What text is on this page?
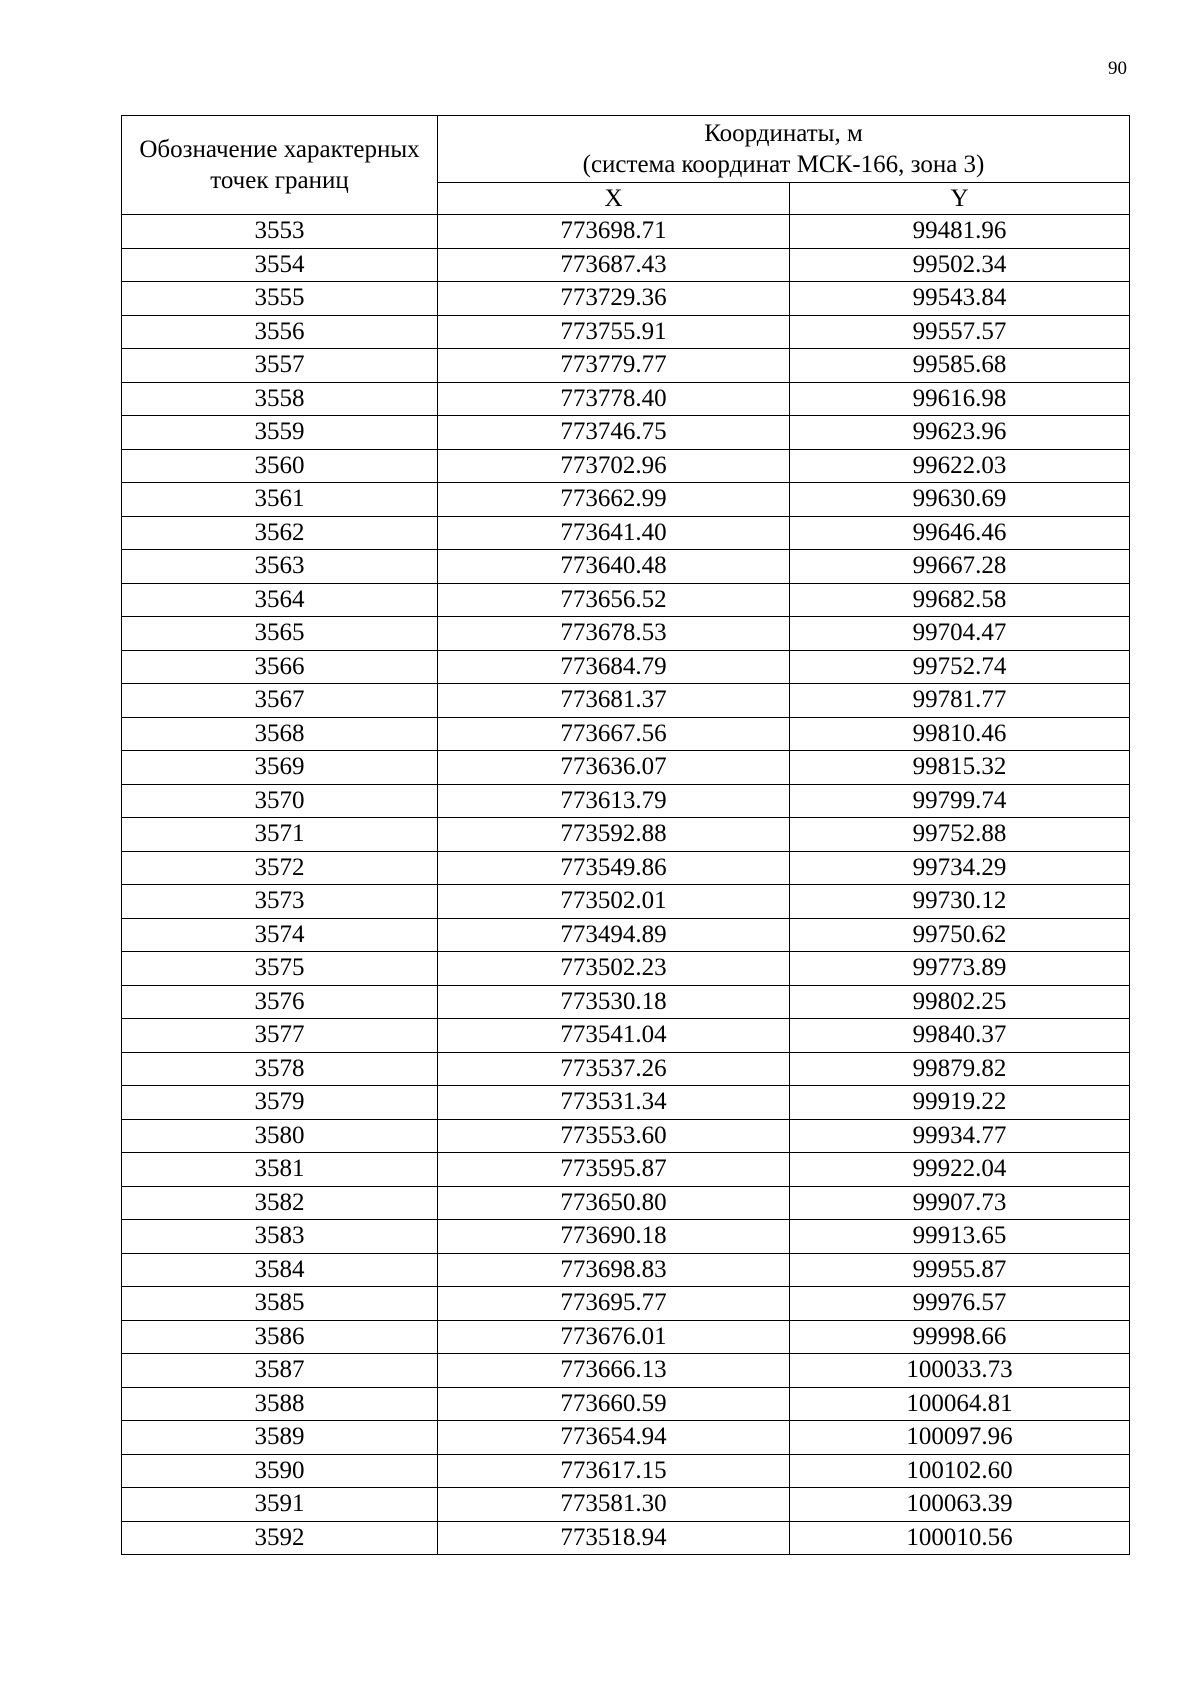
90
Обозначение характерных точек границ	Координаты, м
(система координат МСК-166, зона 3)	

	X	Y
3553	773698.71	99481.96
3554	773687.43	99502.34
3555	773729.36	99543.84
3556	773755.91	99557.57
3557	773779.77	99585.68
3558	773778.40	99616.98
3559	773746.75	99623.96
3560	773702.96	99622.03
3561	773662.99	99630.69
3562	773641.40	99646.46
3563	773640.48	99667.28
3564	773656.52	99682.58
3565	773678.53	99704.47
3566	773684.79	99752.74
3567	773681.37	99781.77
3568	773667.56	99810.46
3569	773636.07	99815.32
3570	773613.79	99799.74
3571	773592.88	99752.88
3572	773549.86	99734.29
3573	773502.01	99730.12
3574	773494.89	99750.62
3575	773502.23	99773.89
3576	773530.18	99802.25
3577	773541.04	99840.37
3578	773537.26	99879.82
3579	773531.34	99919.22
3580	773553.60	99934.77
3581	773595.87	99922.04
3582	773650.80	99907.73
3583	773690.18	99913.65
3584	773698.83	99955.87
3585	773695.77	99976.57
3586	773676.01	99998.66
3587	773666.13	100033.73
3588	773660.59	100064.81
3589	773654.94	100097.96
3590	773617.15	100102.60
3591	773581.30	100063.39
3592	773518.94	100010.56
